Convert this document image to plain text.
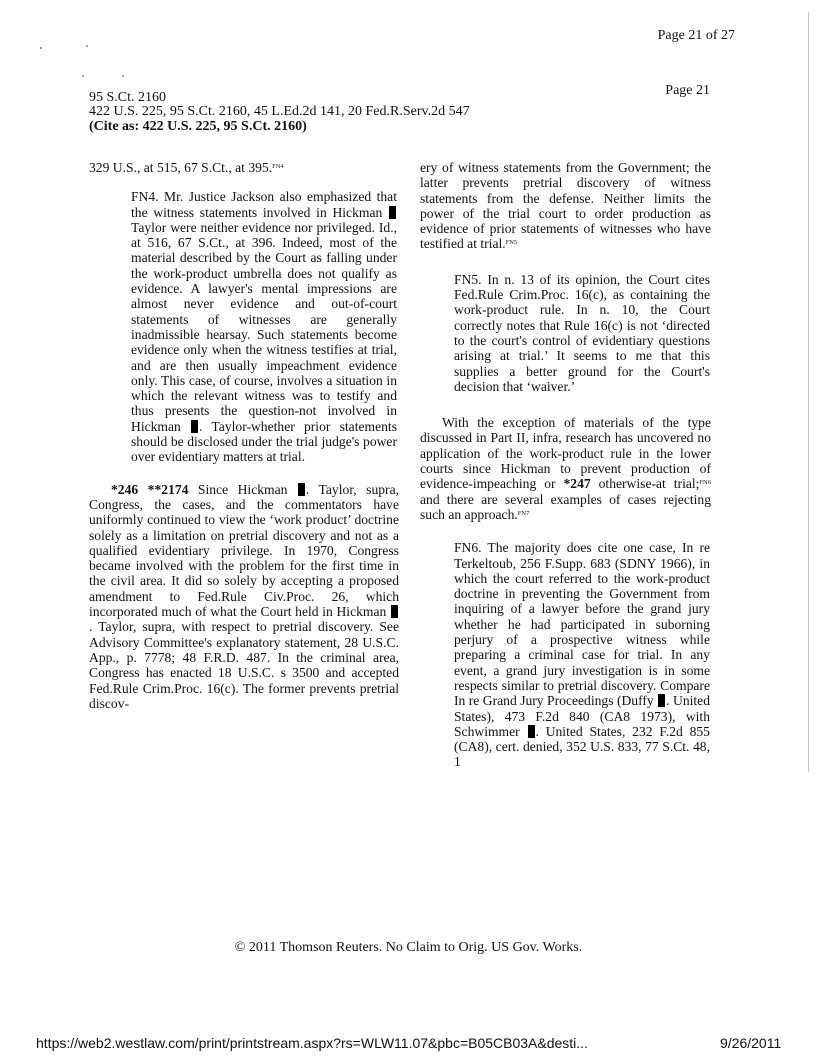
Page 21 of 27
Page 21
95 S.Ct. 2160
422 U.S. 225, 95 S.Ct. 2160, 45 L.Ed.2d 141, 20 Fed.R.Serv.2d 547
(Cite as: 422 U.S. 225, 95 S.Ct. 2160)

329 U.S., at 515, 67 S.Ct., at 395.$^{FN4}$

FN4. Mr. Justice Jackson also emphasized that the witness statements involved in Hickman  Taylor were neither evidence nor privileged. Id., at 516, 67 S.Ct., at 396. Indeed, most of the material described by the Court as falling under the work-product umbrella does not qualify as evidence. A lawyer's mental impressions are almost never evidence and out-of-court statements of witnesses are generally inadmissible hearsay. Such statements become evidence only when the witness testifies at trial, and are then usually impeachment evidence only. This case, of course, involves a situation in which the relevant witness was to testify and thus presents the question-not involved in Hickman . Taylor-whether prior statements should be disclosed under the trial judge's power over evidentiary matters at trial.

*246 **2174 Since Hickman . Taylor, supra, Congress, the cases, and the commentators have uniformly continued to view the ‘work product’ doctrine solely as a limitation on pretrial discovery and not as a qualified evidentiary privilege. In 1970, Congress became involved with the problem for the first time in the civil area. It did so solely by accepting a proposed amendment to Fed.Rule Civ.Proc. 26, which incorporated much of what the Court held in Hickman . Taylor, supra, with respect to pretrial discovery. See Advisory Committee's explanatory statement, 28 U.S.C. App., p. 7778; 48 F.R.D. 487. In the criminal area, Congress has enacted 18 U.S.C. s 3500 and accepted Fed.Rule Crim.Proc. 16(c). The former prevents pretrial discov-

ery of witness statements from the Government; the latter prevents pretrial discovery of witness statements from the defense. Neither limits the power of the trial court to order production as evidence of prior statements of witnesses who have testified at trial.$^{FN5}$

FN5. In n. 13 of its opinion, the Court cites Fed.Rule Crim.Proc. 16(c), as containing the work-product rule. In n. 10, the Court correctly notes that Rule 16(c) is not ‘directed to the court's control of evidentiary questions arising at trial.’ It seems to me that this supplies a better ground for the Court's decision that ‘waiver.’

With the exception of materials of the type discussed in Part II, infra, research has uncovered no application of the work-product rule in the lower courts since Hickman to prevent production of evidence-impeaching or *247 otherwise-at trial;$^{FN6}$ and there are several examples of cases rejecting such an approach.$^{FN7}$

FN6. The majority does cite one case, In re Terkeltoub, 256 F.Supp. 683 (SDNY 1966), in which the court referred to the work-product doctrine in preventing the Government from inquiring of a lawyer before the grand jury whether he had participated in suborning perjury of a prospective witness while preparing a criminal case for trial. In any event, a grand jury investigation is in some respects similar to pretrial discovery. Compare In re Grand Jury Proceedings (Duffy . United States), 473 F.2d 840 (CA8 1973), with Schwimmer . United States, 232 F.2d 855 (CA8), cert. denied, 352 U.S. 833, 77 S.Ct. 48, 1
© 2011 Thomson Reuters. No Claim to Orig. US Gov. Works.
https://web2.westlaw.com/print/printstream.aspx?rs=WLW11.07&pbc=B05CB03A&desti...	9/26/2011
